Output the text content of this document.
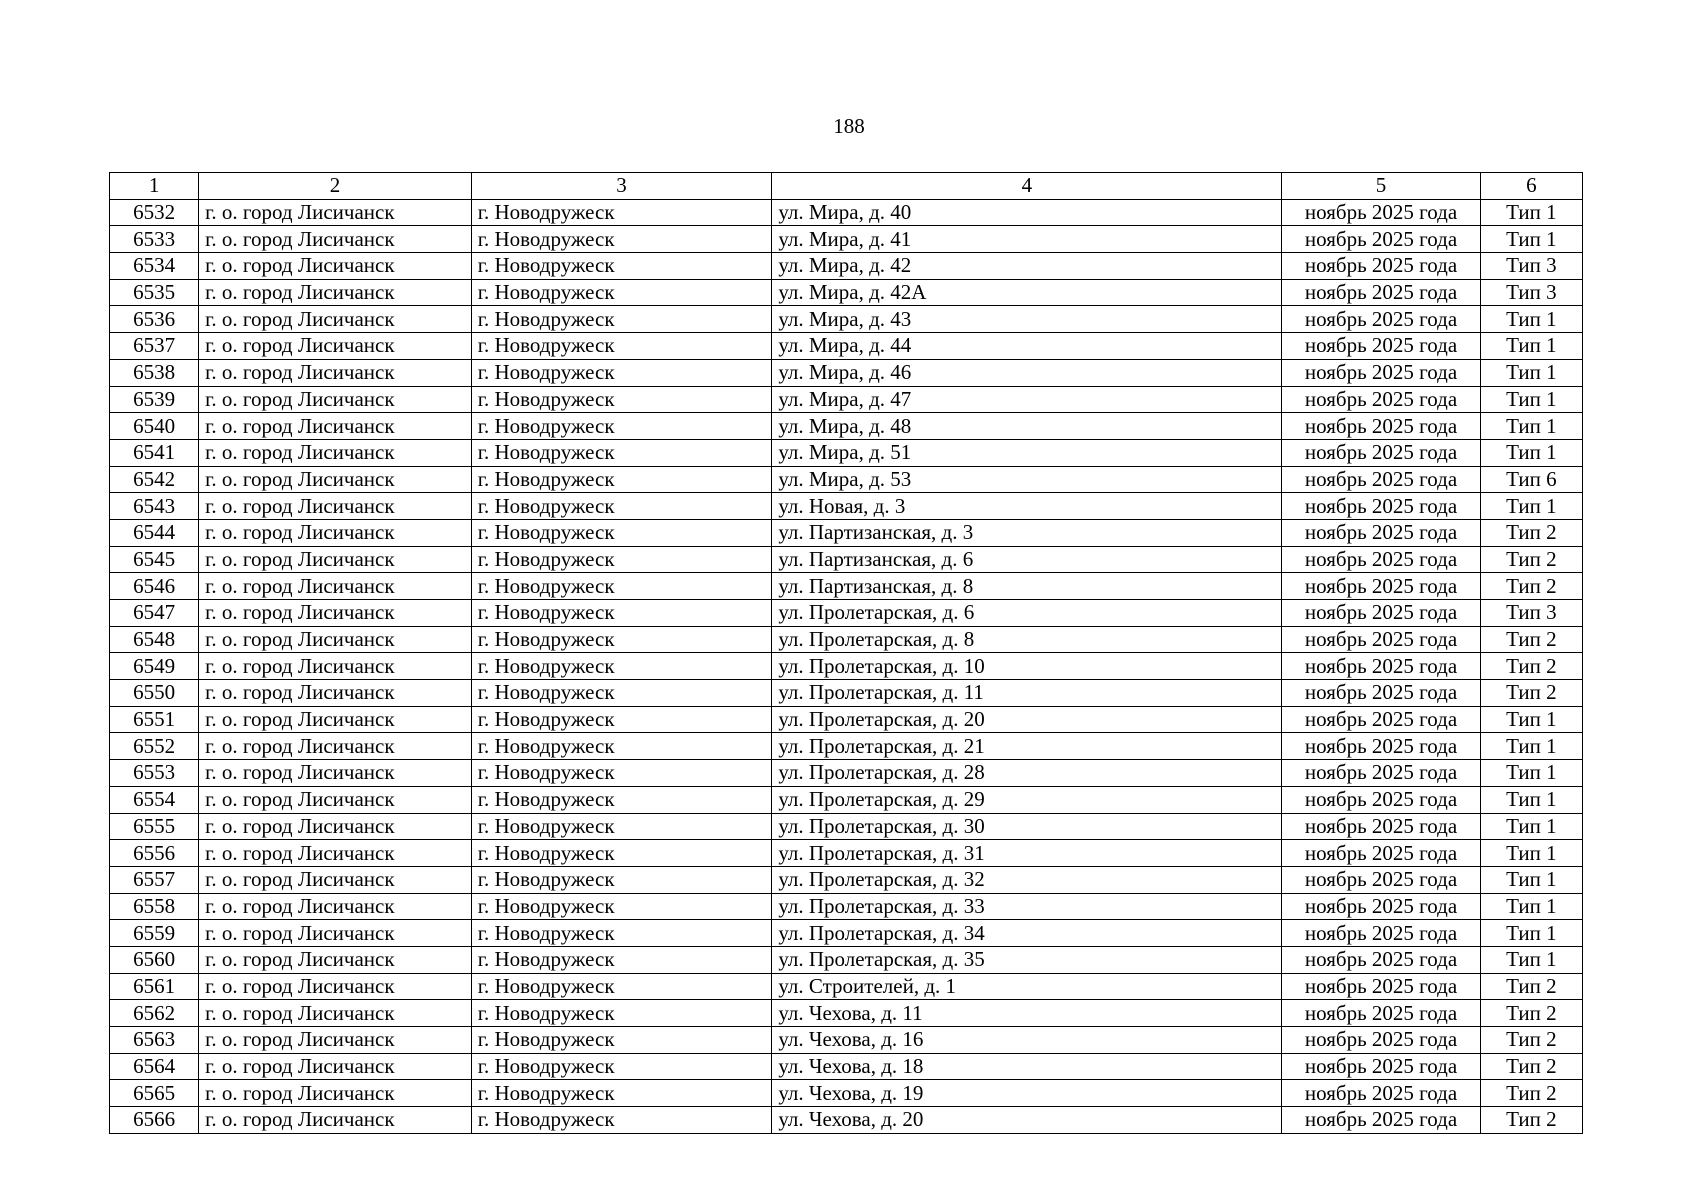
188
1	2	3	4	5	6
6532	г. о. город Лисичанск	г. Новодружеск	ул. Мира, д. 40	ноябрь 2025 года	Тип 1
6533	г. о. город Лисичанск	г. Новодружеск	ул. Мира, д. 41	ноябрь 2025 года	Тип 1
6534	г. о. город Лисичанск	г. Новодружеск	ул. Мира, д. 42	ноябрь 2025 года	Тип 3
6535	г. о. город Лисичанск	г. Новодружеск	ул. Мира, д. 42А	ноябрь 2025 года	Тип 3
6536	г. о. город Лисичанск	г. Новодружеск	ул. Мира, д. 43	ноябрь 2025 года	Тип 1
6537	г. о. город Лисичанск	г. Новодружеск	ул. Мира, д. 44	ноябрь 2025 года	Тип 1
6538	г. о. город Лисичанск	г. Новодружеск	ул. Мира, д. 46	ноябрь 2025 года	Тип 1
6539	г. о. город Лисичанск	г. Новодружеск	ул. Мира, д. 47	ноябрь 2025 года	Тип 1
6540	г. о. город Лисичанск	г. Новодружеск	ул. Мира, д. 48	ноябрь 2025 года	Тип 1
6541	г. о. город Лисичанск	г. Новодружеск	ул. Мира, д. 51	ноябрь 2025 года	Тип 1
6542	г. о. город Лисичанск	г. Новодружеск	ул. Мира, д. 53	ноябрь 2025 года	Тип 6
6543	г. о. город Лисичанск	г. Новодружеск	ул. Новая, д. 3	ноябрь 2025 года	Тип 1
6544	г. о. город Лисичанск	г. Новодружеск	ул. Партизанская, д. 3	ноябрь 2025 года	Тип 2
6545	г. о. город Лисичанск	г. Новодружеск	ул. Партизанская, д. 6	ноябрь 2025 года	Тип 2
6546	г. о. город Лисичанск	г. Новодружеск	ул. Партизанская, д. 8	ноябрь 2025 года	Тип 2
6547	г. о. город Лисичанск	г. Новодружеск	ул. Пролетарская, д. 6	ноябрь 2025 года	Тип 3
6548	г. о. город Лисичанск	г. Новодружеск	ул. Пролетарская, д. 8	ноябрь 2025 года	Тип 2
6549	г. о. город Лисичанск	г. Новодружеск	ул. Пролетарская, д. 10	ноябрь 2025 года	Тип 2
6550	г. о. город Лисичанск	г. Новодружеск	ул. Пролетарская, д. 11	ноябрь 2025 года	Тип 2
6551	г. о. город Лисичанск	г. Новодружеск	ул. Пролетарская, д. 20	ноябрь 2025 года	Тип 1
6552	г. о. город Лисичанск	г. Новодружеск	ул. Пролетарская, д. 21	ноябрь 2025 года	Тип 1
6553	г. о. город Лисичанск	г. Новодружеск	ул. Пролетарская, д. 28	ноябрь 2025 года	Тип 1
6554	г. о. город Лисичанск	г. Новодружеск	ул. Пролетарская, д. 29	ноябрь 2025 года	Тип 1
6555	г. о. город Лисичанск	г. Новодружеск	ул. Пролетарская, д. 30	ноябрь 2025 года	Тип 1
6556	г. о. город Лисичанск	г. Новодружеск	ул. Пролетарская, д. 31	ноябрь 2025 года	Тип 1
6557	г. о. город Лисичанск	г. Новодружеск	ул. Пролетарская, д. 32	ноябрь 2025 года	Тип 1
6558	г. о. город Лисичанск	г. Новодружеск	ул. Пролетарская, д. 33	ноябрь 2025 года	Тип 1
6559	г. о. город Лисичанск	г. Новодружеск	ул. Пролетарская, д. 34	ноябрь 2025 года	Тип 1
6560	г. о. город Лисичанск	г. Новодружеск	ул. Пролетарская, д. 35	ноябрь 2025 года	Тип 1
6561	г. о. город Лисичанск	г. Новодружеск	ул. Строителей, д. 1	ноябрь 2025 года	Тип 2
6562	г. о. город Лисичанск	г. Новодружеск	ул. Чехова, д. 11	ноябрь 2025 года	Тип 2
6563	г. о. город Лисичанск	г. Новодружеск	ул. Чехова, д. 16	ноябрь 2025 года	Тип 2
6564	г. о. город Лисичанск	г. Новодружеск	ул. Чехова, д. 18	ноябрь 2025 года	Тип 2
6565	г. о. город Лисичанск	г. Новодружеск	ул. Чехова, д. 19	ноябрь 2025 года	Тип 2
6566	г. о. город Лисичанск	г. Новодружеск	ул. Чехова, д. 20	ноябрь 2025 года	Тип 2
